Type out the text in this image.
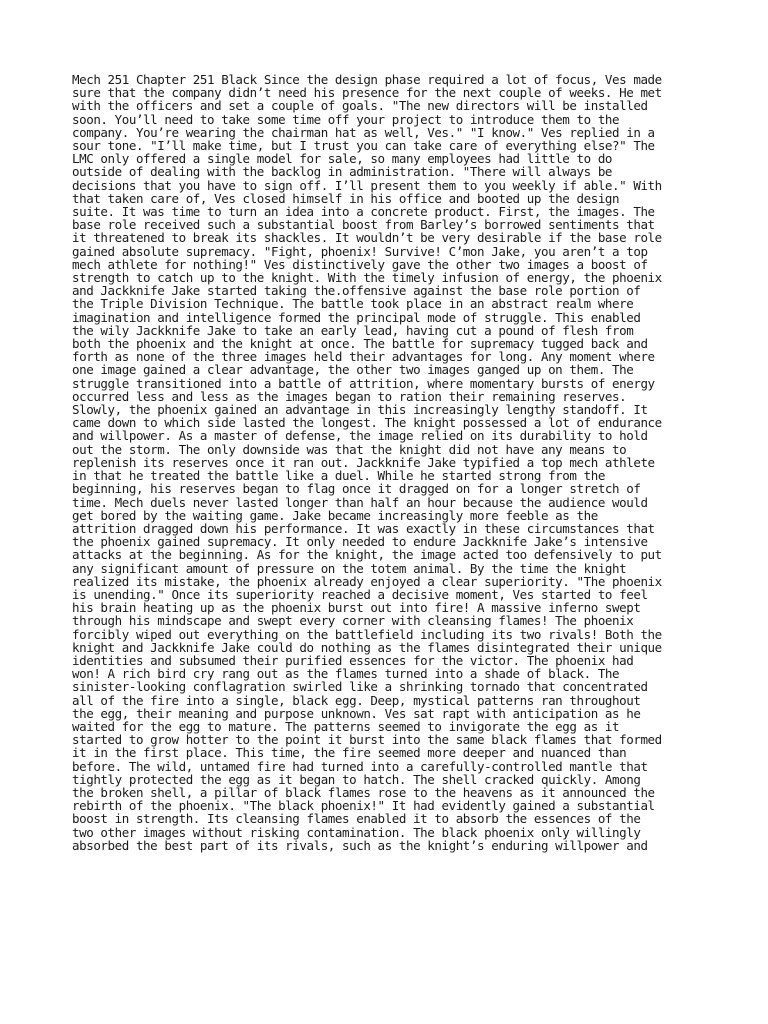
Mech 251 Chapter 251 Black Since the design phase required a lot of focus, Ves made
sure that the company didn’t need his presence for the next couple of weeks. He met
with the officers and set a couple of goals. "The new directors will be installed
soon. You’ll need to take some time off your project to introduce them to the
company. You’re wearing the chairman hat as well, Ves." "I know." Ves replied in a
sour tone. "I’ll make time, but I trust you can take care of everything else?" The
LMC only offered a single model for sale, so many employees had little to do
outside of dealing with the backlog in administration. "There will always be
decisions that you have to sign off. I’ll present them to you weekly if able." With
that taken care of, Ves closed himself in his office and booted up the design
suite. It was time to turn an idea into a concrete product. First, the images. The
base role received such a substantial boost from Barley’s borrowed sentiments that
it threatened to break its shackles. It wouldn’t be very desirable if the base role
gained absolute supremacy. "Fight, phoenix! Survive! C’mon Jake, you aren’t a top
mech athlete for nothing!" Ves distinctively gave the other two images a boost of
strength to catch up to the knight. With the timely infusion of energy, the phoenix
and Jackknife Jake started taking the.offensive against the base role portion of
the Triple Division Technique. The battle took place in an abstract realm where
imagination and intelligence formed the principal mode of struggle. This enabled
the wily Jackknife Jake to take an early lead, having cut a pound of flesh from
both the phoenix and the knight at once. The battle for supremacy tugged back and
forth as none of the three images held their advantages for long. Any moment where
one image gained a clear advantage, the other two images ganged up on them. The
struggle transitioned into a battle of attrition, where momentary bursts of energy
occurred less and less as the images began to ration their remaining reserves.
Slowly, the phoenix gained an advantage in this increasingly lengthy standoff. It
came down to which side lasted the longest. The knight possessed a lot of endurance
and willpower. As a master of defense, the image relied on its durability to hold
out the storm. The only downside was that the knight did not have any means to
replenish its reserves once it ran out. Jackknife Jake typified a top mech athlete
in that he treated the battle like a duel. While he started strong from the
beginning, his reserves began to flag once it dragged on for a longer stretch of
time. Mech duels never lasted longer than half an hour because the audience would
get bored by the waiting game. Jake became increasingly more feeble as the
attrition dragged down his performance. It was exactly in these circumstances that
the phoenix gained supremacy. It only needed to endure Jackknife Jake’s intensive
attacks at the beginning. As for the knight, the image acted too defensively to put
any significant amount of pressure on the totem animal. By the time the knight
realized its mistake, the phoenix already enjoyed a clear superiority. "The phoenix
is unending." Once its superiority reached a decisive moment, Ves started to feel
his brain heating up as the phoenix burst out into fire! A massive inferno swept
through his mindscape and swept every corner with cleansing flames! The phoenix
forcibly wiped out everything on the battlefield including its two rivals! Both the
knight and Jackknife Jake could do nothing as the flames disintegrated their unique
identities and subsumed their purified essences for the victor. The phoenix had
won! A rich bird cry rang out as the flames turned into a shade of black. The
sinister-looking conflagration swirled like a shrinking tornado that concentrated
all of the fire into a single, black egg. Deep, mystical patterns ran throughout
the egg, their meaning and purpose unknown. Ves sat rapt with anticipation as he
waited for the egg to mature. The patterns seemed to invigorate the egg as it
started to grow hotter to the point it burst into the same black flames that formed
it in the first place. This time, the fire seemed more deeper and nuanced than
before. The wild, untamed fire had turned into a carefully-controlled mantle that
tightly protected the egg as it began to hatch. The shell cracked quickly. Among
the broken shell, a pillar of black flames rose to the heavens as it announced the
rebirth of the phoenix. "The black phoenix!" It had evidently gained a substantial
boost in strength. Its cleansing flames enabled it to absorb the essences of the
two other images without risking contamination. The black phoenix only willingly
absorbed the best part of its rivals, such as the knight’s enduring willpower and
